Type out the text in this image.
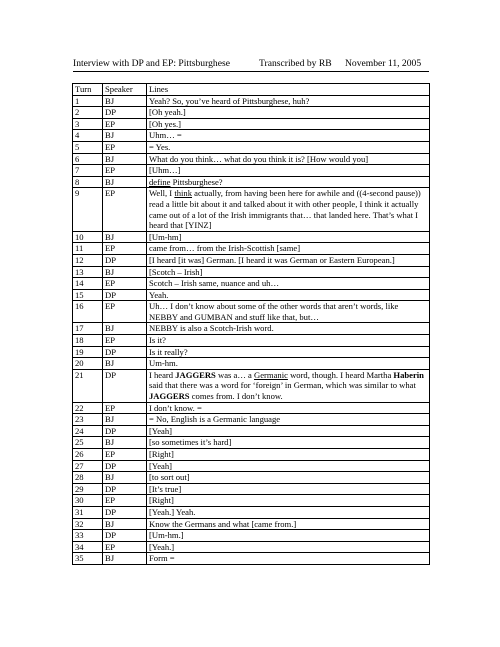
Interview with DP and EP: Pittsburghese	Transcribed by RB November 11, 2005

Turn	Speaker	Lines
1	BJ	Yeah? So, you’ve heard of Pittsburghese, huh?
2	DP	[Oh yeah.]
3	EP	[Oh yes.]
4	BJ	Uhm… =
5	EP	= Yes.
6	BJ	What do you think… what do you think it is? [How would you]
7	EP	[Uhm…]
8	BJ	define Pittsburghese?
9	EP	Well, I think actually, from having been here for awhile and ((4-second pause)) read a little bit about it and talked about it with other people, I think it actually came out of a lot of the Irish immigrants that… that landed here. That’s what I heard that [YINZ]
10	BJ	[Um-hm]
11	EP	came from… from the Irish-Scottish [same]
12	DP	[I heard [it was] German. [I heard it was German or Eastern European.]
13	BJ	[Scotch – Irish]
14	EP	Scotch – Irish same, nuance and uh…
15	DP	Yeah.
16	EP	Uh… I don’t know about some of the other words that aren’t words, like NEBBY and GUMBAN and stuff like that, but…
17	BJ	NEBBY is also a Scotch-Irish word.
18	EP	Is it?
19	DP	Is it really?
20	BJ	Um-hm.
21	DP	I heard JAGGERS was a… a Germanic word, though. I heard Martha Haberin said that there was a word for ‘foreign’ in German, which was similar to what JAGGERS comes from. I don’t know.
22	EP	I don’t know. =
23	BJ	= No, English is a Germanic language
24	DP	[Yeah]
25	BJ	[so sometimes it’s hard]
26	EP	[Right]
27	DP	[Yeah]
28	BJ	[to sort out]
29	DP	[It’s true]
30	EP	[Right]
31	DP	[Yeah.] Yeah.
32	BJ	Know the Germans and what [came from.]
33	DP	[Um-hm.]
34	EP	[Yeah.]
35	BJ	Form =
